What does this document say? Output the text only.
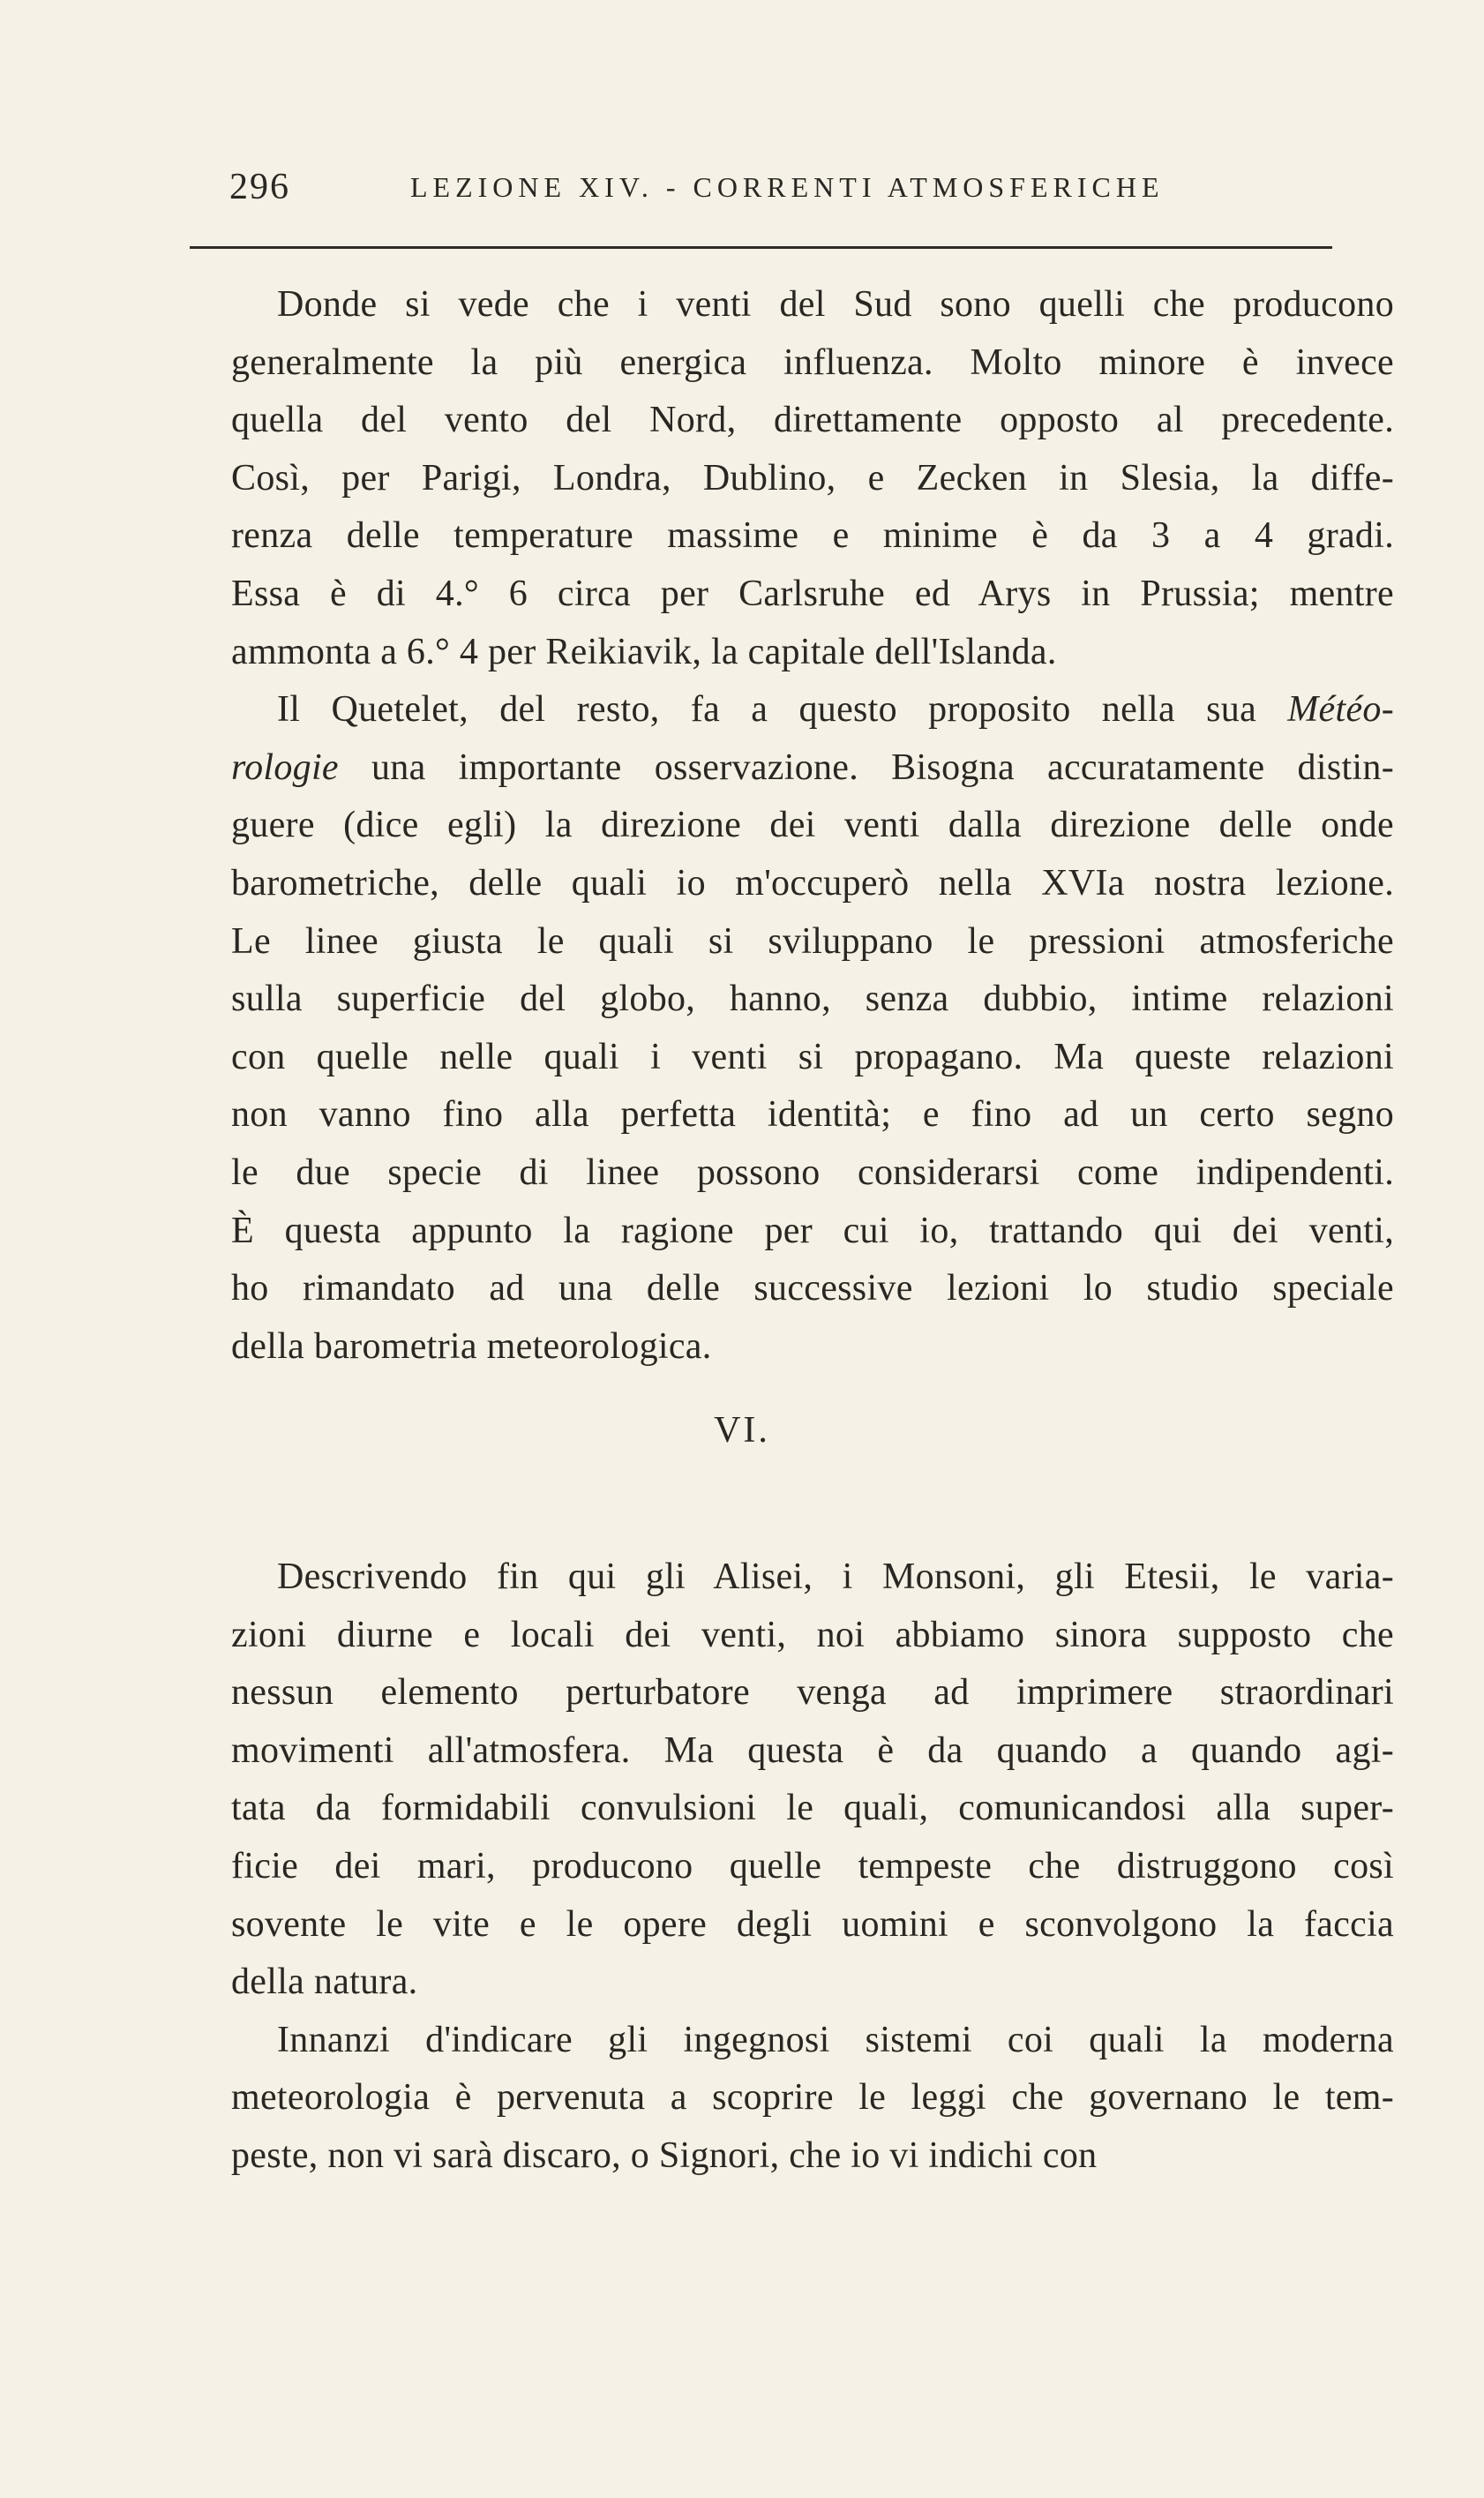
296	LEZIONE XIV. - CORRENTI ATMOSFERICHE
Donde si vede che i venti del Sud sono quelli che producono
generalmente la più energica influenza. Molto minore è invece
quella del vento del Nord, direttamente opposto al precedente.
Così, per Parigi, Londra, Dublino, e Zecken in Slesia, la diffe-
renza delle temperature massime e minime è da 3 a 4 gradi.
Essa è di 4.° 6 circa per Carlsruhe ed Arys in Prussia; mentre
ammonta a 6.° 4 per Reikiavik, la capitale dell'Islanda.
Il Quetelet, del resto, fa a questo proposito nella sua Météo-
rologie una importante osservazione. Bisogna accuratamente distin-
guere (dice egli) la direzione dei venti dalla direzione delle onde
barometriche, delle quali io m'occuperò nella XVIa nostra lezione.
Le linee giusta le quali si sviluppano le pressioni atmosferiche
sulla superficie del globo, hanno, senza dubbio, intime relazioni
con quelle nelle quali i venti si propagano. Ma queste relazioni
non vanno fino alla perfetta identità; e fino ad un certo segno
le due specie di linee possono considerarsi come indipendenti.
È questa appunto la ragione per cui io, trattando qui dei venti,
ho rimandato ad una delle successive lezioni lo studio speciale
della barometria meteorologica.
VI.
Descrivendo fin qui gli Alisei, i Monsoni, gli Etesii, le varia-
zioni diurne e locali dei venti, noi abbiamo sinora supposto che
nessun elemento perturbatore venga ad imprimere straordinari
movimenti all'atmosfera. Ma questa è da quando a quando agi-
tata da formidabili convulsioni le quali, comunicandosi alla super-
ficie dei mari, producono quelle tempeste che distruggono così
sovente le vite e le opere degli uomini e sconvolgono la faccia
della natura.
Innanzi d'indicare gli ingegnosi sistemi coi quali la moderna
meteorologia è pervenuta a scoprire le leggi che governano le tem-
peste, non vi sarà discaro, o Signori, che io vi indichi con
